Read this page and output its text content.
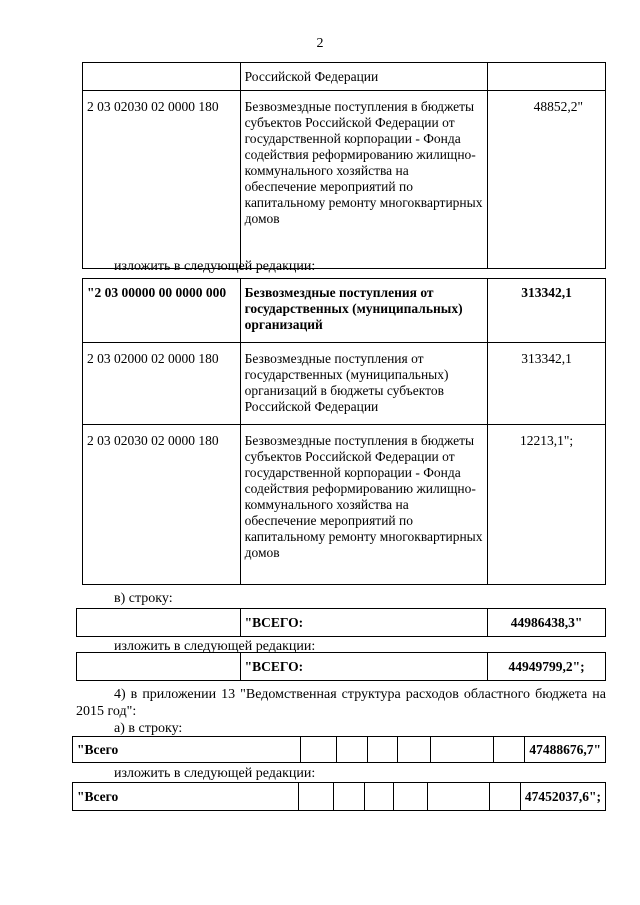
2
	Российской Федерации	
2 03 02030 02 0000 180	Безвозмездные поступления в бюджеты субъектов Российской Федерации от государственной корпорации - Фонда содействия реформированию жилищно-коммунального хозяйства на обеспечение мероприятий по капитальному ремонту многоквартирных домов	48852,2"
изложить в следующей редакции:
"2 03 00000 00 0000 000	Безвозмездные поступления от государственных (муниципальных) организаций	313342,1
2 03 02000 02 0000 180	Безвозмездные поступления от государственных (муниципальных) организаций в бюджеты субъектов Российской Федерации	313342,1
2 03 02030 02 0000 180	Безвозмездные поступления в бюджеты субъектов Российской Федерации от государственной корпорации - Фонда содействия реформированию жилищно-коммунального хозяйства на обеспечение мероприятий по капитальному ремонту многоквартирных домов	12213,1";
в) строку:
	"ВСЕГО:	44986438,3"
изложить в следующей редакции:
	"ВСЕГО:	44949799,2";
4) в приложении 13 "Ведомственная структура расходов областного бюджета на 2015 год":
а) в строку:
"Всего							47488676,7"
изложить в следующей редакции:
"Всего							47452037,6";
